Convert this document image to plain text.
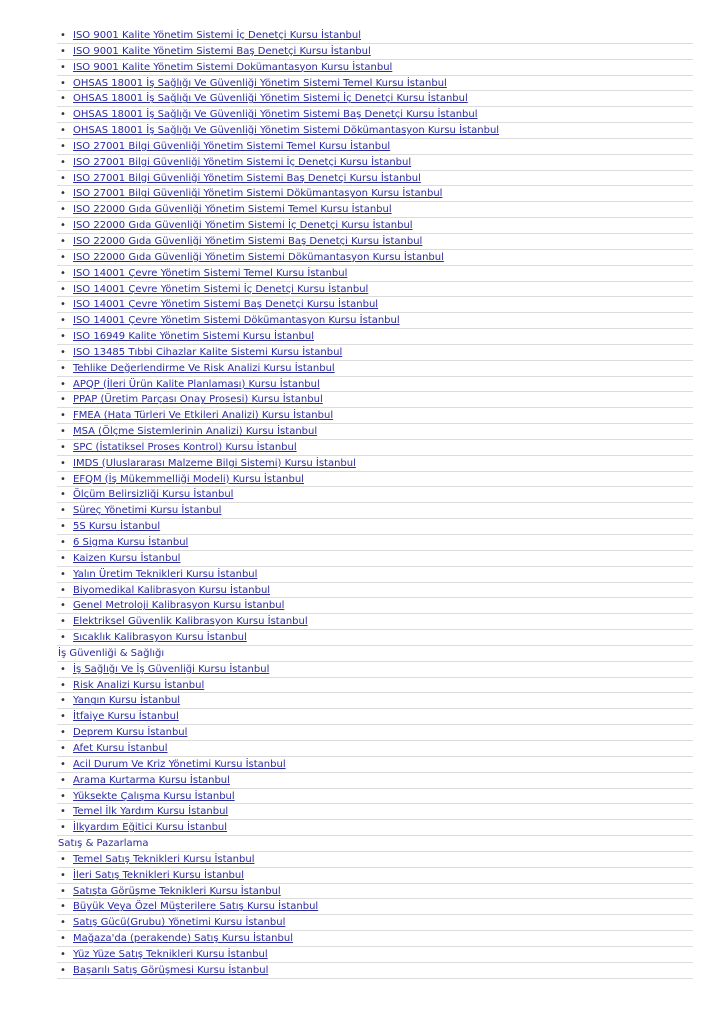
• ISO 9001 Kalite Yönetim Sistemi İç Denetçi Kursu İstanbul
• ISO 9001 Kalite Yönetim Sistemi Baş Denetçi Kursu İstanbul
• ISO 9001 Kalite Yönetim Sistemi Dokümantasyon Kursu İstanbul
• OHSAS 18001 İş Sağlığı Ve Güvenliği Yönetim Sistemi Temel Kursu İstanbul
• OHSAS 18001 İş Sağlığı Ve Güvenliği Yönetim Sistemi İç Denetçi Kursu İstanbul
• OHSAS 18001 İş Sağlığı Ve Güvenliği Yönetim Sistemi Baş Denetçi Kursu İstanbul
• OHSAS 18001 İş Sağlığı Ve Güvenliği Yönetim Sistemi Dökümantasyon Kursu İstanbul
• ISO 27001 Bilgi Güvenliği Yönetim Sistemi Temel Kursu İstanbul
• ISO 27001 Bilgi Güvenliği Yönetim Sistemi İç Denetçi Kursu İstanbul
• ISO 27001 Bilgi Güvenliği Yönetim Sistemi Baş Denetçi Kursu İstanbul
• ISO 27001 Bilgi Güvenliği Yönetim Sistemi Dökümantasyon Kursu İstanbul
• ISO 22000 Gıda Güvenliği Yönetim Sistemi Temel Kursu İstanbul
• ISO 22000 Gıda Güvenliği Yönetim Sistemi İç Denetçi Kursu İstanbul
• ISO 22000 Gıda Güvenliği Yönetim Sistemi Baş Denetçi Kursu İstanbul
• ISO 22000 Gıda Güvenliği Yönetim Sistemi Dökümantasyon Kursu İstanbul
• ISO 14001 Çevre Yönetim Sistemi Temel Kursu İstanbul
• ISO 14001 Çevre Yönetim Sistemi İç Denetçi Kursu İstanbul
• ISO 14001 Çevre Yönetim Sistemi Baş Denetçi Kursu İstanbul
• ISO 14001 Çevre Yönetim Sistemi Dökümantasyon Kursu İstanbul
• ISO 16949 Kalite Yönetim Sistemi Kursu İstanbul
• ISO 13485 Tıbbi Cihazlar Kalite Sistemi Kursu İstanbul
• Tehlike Değerlendirme Ve Risk Analizi Kursu İstanbul
• APQP (İleri Ürün Kalite Planlaması) Kursu İstanbul
• PPAP (Üretim Parçası Onay Prosesi) Kursu İstanbul
• FMEA (Hata Türleri Ve Etkileri Analizi) Kursu İstanbul
• MSA (Ölçme Sistemlerinin Analizi) Kursu İstanbul
• SPC (İstatiksel Proses Kontrol) Kursu İstanbul
• IMDS (Uluslararası Malzeme Bilgi Sistemi) Kursu İstanbul
• EFQM (İş Mükemmelliği Modeli) Kursu İstanbul
• Ölçüm Belirsizliği Kursu İstanbul
• Süreç Yönetimi Kursu İstanbul
• 5S Kursu İstanbul
• 6 Sigma Kursu İstanbul
• Kaizen Kursu İstanbul
• Yalın Üretim Teknikleri Kursu İstanbul
• Biyomedikal Kalibrasyon Kursu İstanbul
• Genel Metroloji Kalibrasyon Kursu İstanbul
• Elektriksel Güvenlik Kalibrasyon Kursu İstanbul
• Sıcaklık Kalibrasyon Kursu İstanbul
İş Güvenliği & Sağlığı
• İş Sağlığı Ve İş Güvenliği Kursu İstanbul
• Risk Analizi Kursu İstanbul
• Yangın Kursu İstanbul
• İtfaiye Kursu İstanbul
• Deprem Kursu İstanbul
• Afet Kursu İstanbul
• Acil Durum Ve Kriz Yönetimi Kursu İstanbul
• Arama Kurtarma Kursu İstanbul
• Yüksekte Çalışma Kursu İstanbul
• Temel İlk Yardım Kursu İstanbul
• İlkyardım Eğitici Kursu İstanbul
Satış & Pazarlama
• Temel Satış Teknikleri Kursu İstanbul
• İleri Satış Teknikleri Kursu İstanbul
• Satışta Görüşme Teknikleri Kursu İstanbul
• Büyük Veya Özel Müşterilere Satış Kursu İstanbul
• Satış Gücü(Grubu) Yönetimi Kursu İstanbul
• Mağaza'da (perakende) Satış Kursu İstanbul
• Yüz Yüze Satış Teknikleri Kursu İstanbul
• Başarılı Satış Görüşmesi Kursu İstanbul
